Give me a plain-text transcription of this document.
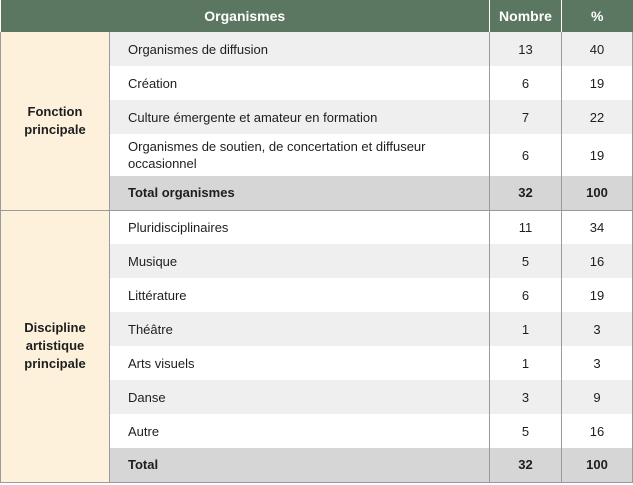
Organismes		Nombre	%
Fonction principale	Organismes de diffusion	13	40
	Création	6	19
	Culture émergente et amateur en formation	7	22
	Organismes de soutien, de concertation et diffuseur occasionnel	6	19
	Total organismes	32	100
Discipline artistique principale	Pluridisciplinaires	11	34
	Musique	5	16
	Littérature	6	19
	Théâtre	1	3
	Arts visuels	1	3
	Danse	3	9
	Autre	5	16
	Total	32	100
